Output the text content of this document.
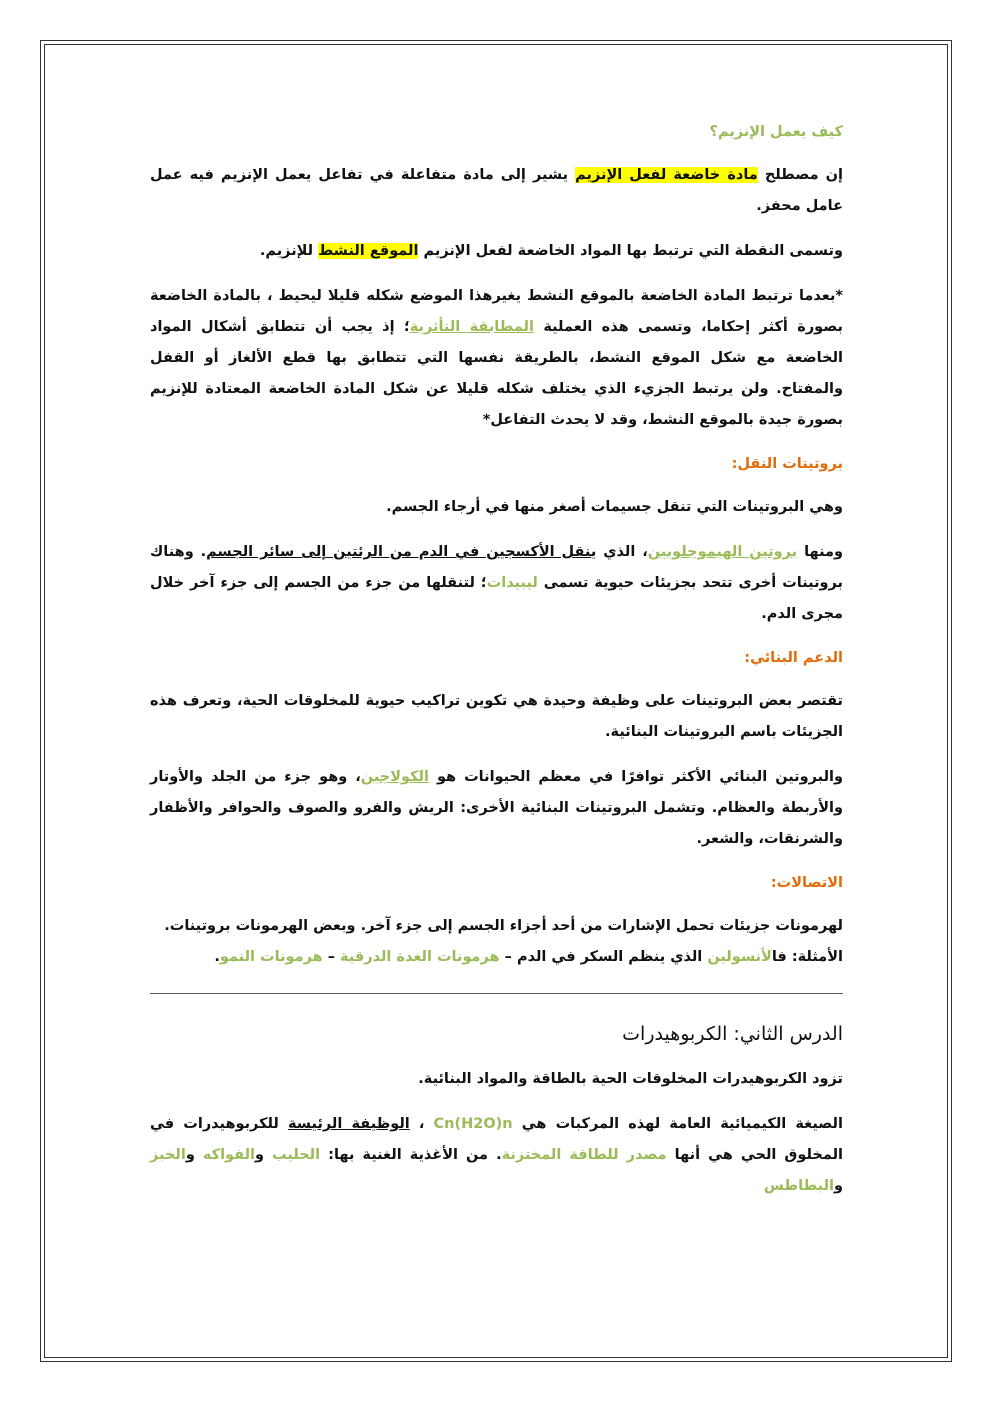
كيف يعمل الإنزيم؟

إن مصطلح مادة خاضعة لفعل الإنزيم يشير إلى مادة متفاعلة في تفاعل يعمل الإنزيم فيه عمل عامل محفز.

وتسمى النقطة التي ترتبط بها المواد الخاضعة لفعل الإنزيم الموقع النشط للإنزيم.

*بعدما ترتبط المادة الخاضعة بالموقع النشط يغيرهذا الموضع شكله قليلا ليحيط ، بالمادة الخاضعة بصورة أكثر إحكاما، وتسمى هذه العملية المطابقة التأثرية؛ إذ يجب أن تتطابق أشكال المواد الخاضعة مع شكل الموقع النشط، بالطريقة نفسها التي تتطابق بها قطع الألغاز أو القفل والمفتاح. ولن يرتبط الجزيء الذي يختلف شكله قليلا عن شكل المادة الخاضعة المعتادة للإنزيم بصورة جيدة بالموقع النشط، وقد لا يحدث التفاعل*

بروتينات النقل:

وهي البروتينات التي تنقل جسيمات أصغر منها في أرجاء الجسم.

ومنها بروتين الهيموجلوبين، الذي ينقل الأكسجين في الدم من الرئتين إلى سائر الجسم. وهناك بروتينات أخرى تتحد بجزيئات حيوية تسمى ليبيدات؛ لتنقلها من جزء من الجسم إلى جزء آخر خلال مجرى الدم.

الدعم البنائي:

تقتصر بعض البروتينات على وظيفة وحيدة هي تكوين تراكيب حيوية للمخلوقات الحية، وتعرف هذه الجزيئات باسم البروتينات البنائية.

والبروتين البنائي الأكثر توافرًا في معظم الحيوانات هو الكولاجين، وهو جزء من الجلد والأوتار والأربطة والعظام. وتشمل البروتينات البنائية الأخرى: الريش والفرو والصوف والحوافر والأظفار والشرنقات، والشعر.

الاتصالات:

لهرمونات جزيئات تحمل الإشارات من أحد أجزاء الجسم إلى جزء آخر. وبعض الهرمونات بروتينات.
الأمثلة: فالأنسولين الذي ينظم السكر في الدم – هرمونات الغدة الدرقية – هرمونات النمو.

الدرس الثاني: الكربوهيدرات

تزود الكربوهيدرات المخلوقات الحية بالطاقة والمواد البنائية.

الصيغة الكيميائية العامة لهذه المركبات هي Cn(H2O)n ، الوظيفة الرئيسة للكربوهيدرات في المخلوق الحي هي أنها مصدر للطاقة المختزنة. من الأغذية الغنية بها: الحليب والفواكه والخبز والبطاطس
